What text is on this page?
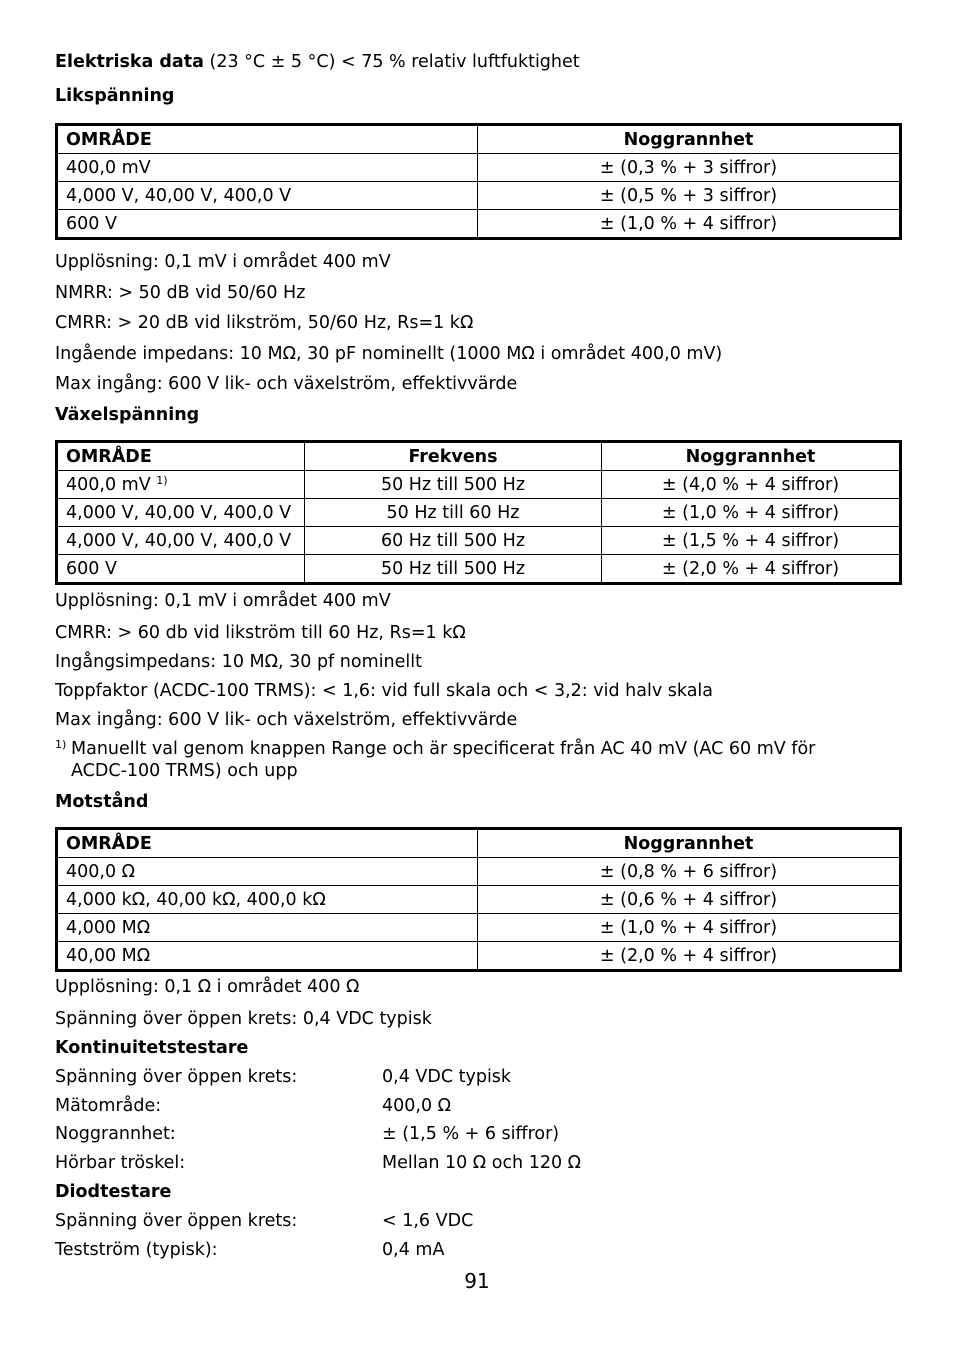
Elektriska data (23 °C ± 5 °C) < 75 % relativ luftfuktighet
Likspänning
OMRÅDE	Noggrannhet
400,0 mV	± (0,3 % + 3 siffror)
4,000 V, 40,00 V, 400,0 V	± (0,5 % + 3 siffror)
600 V	± (1,0 % + 4 siffror)
Upplösning: 0,1 mV i området 400 mV
NMRR: > 50 dB vid 50/60 Hz
CMRR: > 20 dB vid likström, 50/60 Hz, Rs=1 kΩ
Ingående impedans: 10 MΩ, 30 pF nominellt (1000 MΩ i området 400,0 mV)
Max ingång: 600 V lik- och växelström, effektivvärde
Växelspänning
OMRÅDE	Frekvens	Noggrannhet
400,0 mV $^{1)}$	50 Hz till 500 Hz	± (4,0 % + 4 siffror)
4,000 V, 40,00 V, 400,0 V	50 Hz till 60 Hz	± (1,0 % + 4 siffror)
4,000 V, 40,00 V, 400,0 V	60 Hz till 500 Hz	± (1,5 % + 4 siffror)
600 V	50 Hz till 500 Hz	± (2,0 % + 4 siffror)
Upplösning: 0,1 mV i området 400 mV
CMRR: > 60 db vid likström till 60 Hz, Rs=1 kΩ
Ingångsimpedans: 10 MΩ, 30 pf nominellt
Toppfaktor (ACDC-100 TRMS): < 1,6: vid full skala och < 3,2: vid halv skala
Max ingång: 600 V lik- och växelström, effektivvärde
$^{1)}$ Manuellt val genom knappen Range och är specificerat från AC 40 mV (AC 60 mV för
ACDC-100 TRMS) och upp
Motstånd
OMRÅDE	Noggrannhet
400,0 Ω	± (0,8 % + 6 siffror)
4,000 kΩ, 40,00 kΩ, 400,0 kΩ	± (0,6 % + 4 siffror)
4,000 MΩ	± (1,0 % + 4 siffror)
40,00 MΩ	± (2,0 % + 4 siffror)
Upplösning: 0,1 Ω i området 400 Ω
Spänning över öppen krets: 0,4 VDC typisk
Kontinuitetstestare
Spänning över öppen krets:	0,4 VDC typisk
Mätområde:	400,0 Ω
Noggrannhet:	± (1,5 % + 6 siffror)
Hörbar tröskel:	Mellan 10 Ω och 120 Ω
Diodtestare
Spänning över öppen krets:	< 1,6 VDC
Testström (typisk):	0,4 mA
91
